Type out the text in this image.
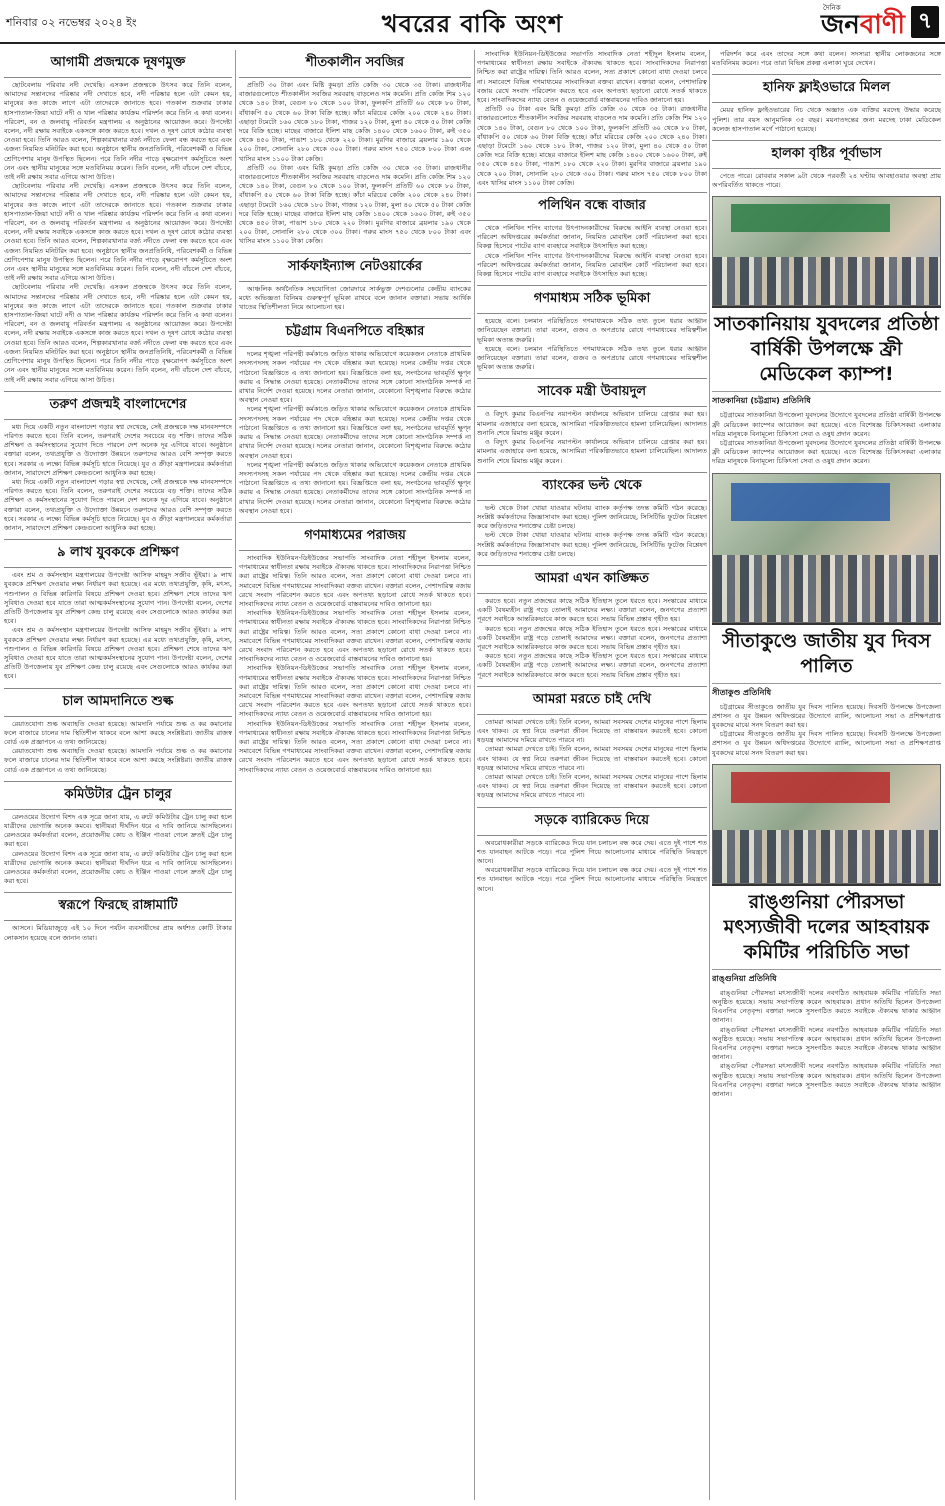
শনিবার ০২ নভেম্বর ২০২৪ ইং	খবরের বাকি অংশ
দৈনিক
জনবাণী ৭
আগামী প্রজন্মকে দূষণমুক্ত

ছোটবেলায় পরিবার নদী দেখেছি। এসকল প্রজন্মকে উৎসব করে তিনি বলেন, আমাদের সন্তানদের পরিষ্কার নদী দেখাতে হবে, নদী পরিষ্কার হলে এটা কেমন হয়, মানুষের কত কাজে লাগে এটা তাদেরকে জানাতে হবে। গতকাল শুক্রবার ঢাকার হাসপাতাল-জিয়া ঘাটে নদী ও খাল পরিষ্কার কার্যক্রম পরিদর্শন করে তিনি এ কথা বলেন। পরিবেশ, বন ও জলবায়ু পরিবর্তন মন্ত্রণালয় এ অনুষ্ঠানের আয়োজন করে। উপদেষ্টা বলেন, নদী রক্ষায় সবাইকে একসঙ্গে কাজ করতে হবে। দখল ও দূষণ রোধে কঠোর ব্যবস্থা নেওয়া হবে। তিনি আরও বলেন, শিল্পকারখানার বর্জ্য নদীতে ফেলা বন্ধ করতে হবে এবং এজন্য নিয়মিত মনিটরিং করা হবে। অনুষ্ঠানে স্থানীয় জনপ্রতিনিধি, পরিবেশকর্মী ও বিভিন্ন শ্রেণিপেশার মানুষ উপস্থিত ছিলেন। পরে তিনি নদীর পাড়ে বৃক্ষরোপণ কর্মসূচিতে অংশ নেন এবং স্থানীয় মানুষের সঙ্গে মতবিনিময় করেন। তিনি বলেন, নদী বাঁচলে দেশ বাঁচবে, তাই নদী রক্ষায় সবার এগিয়ে আসা উচিত।

ছোটবেলায় পরিবার নদী দেখেছি। এসকল প্রজন্মকে উৎসব করে তিনি বলেন, আমাদের সন্তানদের পরিষ্কার নদী দেখাতে হবে, নদী পরিষ্কার হলে এটা কেমন হয়, মানুষের কত কাজে লাগে এটা তাদেরকে জানাতে হবে। গতকাল শুক্রবার ঢাকার হাসপাতাল-জিয়া ঘাটে নদী ও খাল পরিষ্কার কার্যক্রম পরিদর্শন করে তিনি এ কথা বলেন। পরিবেশ, বন ও জলবায়ু পরিবর্তন মন্ত্রণালয় এ অনুষ্ঠানের আয়োজন করে। উপদেষ্টা বলেন, নদী রক্ষায় সবাইকে একসঙ্গে কাজ করতে হবে। দখল ও দূষণ রোধে কঠোর ব্যবস্থা নেওয়া হবে। তিনি আরও বলেন, শিল্পকারখানার বর্জ্য নদীতে ফেলা বন্ধ করতে হবে এবং এজন্য নিয়মিত মনিটরিং করা হবে। অনুষ্ঠানে স্থানীয় জনপ্রতিনিধি, পরিবেশকর্মী ও বিভিন্ন শ্রেণিপেশার মানুষ উপস্থিত ছিলেন। পরে তিনি নদীর পাড়ে বৃক্ষরোপণ কর্মসূচিতে অংশ নেন এবং স্থানীয় মানুষের সঙ্গে মতবিনিময় করেন। তিনি বলেন, নদী বাঁচলে দেশ বাঁচবে, তাই নদী রক্ষায় সবার এগিয়ে আসা উচিত।

ছোটবেলায় পরিবার নদী দেখেছি। এসকল প্রজন্মকে উৎসব করে তিনি বলেন, আমাদের সন্তানদের পরিষ্কার নদী দেখাতে হবে, নদী পরিষ্কার হলে এটা কেমন হয়, মানুষের কত কাজে লাগে এটা তাদেরকে জানাতে হবে। গতকাল শুক্রবার ঢাকার হাসপাতাল-জিয়া ঘাটে নদী ও খাল পরিষ্কার কার্যক্রম পরিদর্শন করে তিনি এ কথা বলেন। পরিবেশ, বন ও জলবায়ু পরিবর্তন মন্ত্রণালয় এ অনুষ্ঠানের আয়োজন করে। উপদেষ্টা বলেন, নদী রক্ষায় সবাইকে একসঙ্গে কাজ করতে হবে। দখল ও দূষণ রোধে কঠোর ব্যবস্থা নেওয়া হবে। তিনি আরও বলেন, শিল্পকারখানার বর্জ্য নদীতে ফেলা বন্ধ করতে হবে এবং এজন্য নিয়মিত মনিটরিং করা হবে। অনুষ্ঠানে স্থানীয় জনপ্রতিনিধি, পরিবেশকর্মী ও বিভিন্ন শ্রেণিপেশার মানুষ উপস্থিত ছিলেন। পরে তিনি নদীর পাড়ে বৃক্ষরোপণ কর্মসূচিতে অংশ নেন এবং স্থানীয় মানুষের সঙ্গে মতবিনিময় করেন। তিনি বলেন, নদী বাঁচলে দেশ বাঁচবে, তাই নদী রক্ষায় সবার এগিয়ে আসা উচিত।

তরুণ প্রজন্মই বাংলাদেশের

মধ্য দিয়ে একটি নতুন বাংলাদেশ গড়ার স্বপ্ন দেখেছে, সেই প্রজন্মকে দক্ষ মানবসম্পদে পরিণত করতে হবে। তিনি বলেন, তরুণরাই দেশের সবচেয়ে বড় শক্তি। তাদের সঠিক প্রশিক্ষণ ও কর্মসংস্থানের সুযোগ দিতে পারলে দেশ অনেক দূর এগিয়ে যাবে। অনুষ্ঠানে বক্তারা বলেন, তথ্যপ্রযুক্তি ও উদ্যোক্তা উন্নয়নে তরুণদের আরও বেশি সম্পৃক্ত করতে হবে। সরকার এ লক্ষ্যে বিভিন্ন কর্মসূচি হাতে নিয়েছে। যুব ও ক্রীড়া মন্ত্রণালয়ের কর্মকর্তারা জানান, সারাদেশে প্রশিক্ষণ কেন্দ্রগুলো আধুনিক করা হচ্ছে।

মধ্য দিয়ে একটি নতুন বাংলাদেশ গড়ার স্বপ্ন দেখেছে, সেই প্রজন্মকে দক্ষ মানবসম্পদে পরিণত করতে হবে। তিনি বলেন, তরুণরাই দেশের সবচেয়ে বড় শক্তি। তাদের সঠিক প্রশিক্ষণ ও কর্মসংস্থানের সুযোগ দিতে পারলে দেশ অনেক দূর এগিয়ে যাবে। অনুষ্ঠানে বক্তারা বলেন, তথ্যপ্রযুক্তি ও উদ্যোক্তা উন্নয়নে তরুণদের আরও বেশি সম্পৃক্ত করতে হবে। সরকার এ লক্ষ্যে বিভিন্ন কর্মসূচি হাতে নিয়েছে। যুব ও ক্রীড়া মন্ত্রণালয়ের কর্মকর্তারা জানান, সারাদেশে প্রশিক্ষণ কেন্দ্রগুলো আধুনিক করা হচ্ছে।

৯ লাখ যুবককে প্রশিক্ষণ

এবং শ্রম ও কর্মসংস্থান মন্ত্রণালয়ের উপদেষ্টা আসিফ মাহমুদ সজীব ভূঁইয়া। ৯ লাখ যুবককে প্রশিক্ষণ দেওয়ার লক্ষ্য নির্ধারণ করা হয়েছে। এর মধ্যে তথ্যপ্রযুক্তি, কৃষি, মৎস্য, পশুপালন ও বিভিন্ন কারিগরি বিষয়ে প্রশিক্ষণ দেওয়া হবে। প্রশিক্ষণ শেষে তাদের ঋণ সুবিধাও দেওয়া হবে যাতে তারা আত্মকর্মসংস্থানের সুযোগ পান। উপদেষ্টা বলেন, দেশের প্রতিটি উপজেলায় যুব প্রশিক্ষণ কেন্দ্র চালু রয়েছে এবং সেগুলোকে আরও কার্যকর করা হবে।

এবং শ্রম ও কর্মসংস্থান মন্ত্রণালয়ের উপদেষ্টা আসিফ মাহমুদ সজীব ভূঁইয়া। ৯ লাখ যুবককে প্রশিক্ষণ দেওয়ার লক্ষ্য নির্ধারণ করা হয়েছে। এর মধ্যে তথ্যপ্রযুক্তি, কৃষি, মৎস্য, পশুপালন ও বিভিন্ন কারিগরি বিষয়ে প্রশিক্ষণ দেওয়া হবে। প্রশিক্ষণ শেষে তাদের ঋণ সুবিধাও দেওয়া হবে যাতে তারা আত্মকর্মসংস্থানের সুযোগ পান। উপদেষ্টা বলেন, দেশের প্রতিটি উপজেলায় যুব প্রশিক্ষণ কেন্দ্র চালু রয়েছে এবং সেগুলোকে আরও কার্যকর করা হবে।

চাল আমদানিতে শুল্ক

রেয়াতযোগ্য শুল্ক অব্যাহতি দেওয়া হয়েছে। আমদানি পর্যায়ে শুল্ক ও কর কমানোর ফলে বাজারে চালের দাম স্থিতিশীল থাকবে বলে আশা করছে সংশ্লিষ্টরা। জাতীয় রাজস্ব বোর্ড এক প্রজ্ঞাপনে এ তথ্য জানিয়েছে।

রেয়াতযোগ্য শুল্ক অব্যাহতি দেওয়া হয়েছে। আমদানি পর্যায়ে শুল্ক ও কর কমানোর ফলে বাজারে চালের দাম স্থিতিশীল থাকবে বলে আশা করছে সংশ্লিষ্টরা। জাতীয় রাজস্ব বোর্ড এক প্রজ্ঞাপনে এ তথ্য জানিয়েছে।

কমিউটার ট্রেন চালুর

রেলওয়ের উদ্যোগ বিশদ এক সূত্রে জানা যায়, এ রুটে কমিউটার ট্রেন চালু করা হলে যাত্রীদের ভোগান্তি অনেক কমবে। স্থানীয়রা দীর্ঘদিন ধরে এ দাবি জানিয়ে আসছিলেন। রেলওয়ের কর্মকর্তারা বলেন, প্রয়োজনীয় কোচ ও ইঞ্জিন পাওয়া গেলে দ্রুতই ট্রেন চালু করা হবে।

রেলওয়ের উদ্যোগ বিশদ এক সূত্রে জানা যায়, এ রুটে কমিউটার ট্রেন চালু করা হলে যাত্রীদের ভোগান্তি অনেক কমবে। স্থানীয়রা দীর্ঘদিন ধরে এ দাবি জানিয়ে আসছিলেন। রেলওয়ের কর্মকর্তারা বলেন, প্রয়োজনীয় কোচ ও ইঞ্জিন পাওয়া গেলে দ্রুতই ট্রেন চালু করা হবে।

স্বরূপে ফিরছে রাঙ্গামাটি

আসনে। মিডিয়াজুড়ে এই ১০ দিনে পর্যটন ব্যবসায়ীদের প্রায় অর্ধশত কোটি টাকার লোকসান হয়েছে বলে জানান তারা।

শীতকালীন সবজির

প্রতিটি ৩০ টাকা এবং মিষ্টি কুমড়া প্রতি কেজি ৩০ থেকে ৩৫ টাকা। রাজধানীর বাজারগুলোতে শীতকালীন সবজির সরবরাহ বাড়লেও দাম কমেনি। প্রতি কেজি শিম ১২০ থেকে ১৪০ টাকা, বেগুন ৮০ থেকে ১০০ টাকা, ফুলকপি প্রতিটি ৬০ থেকে ৮০ টাকা, বাঁধাকপি ৫০ থেকে ৬০ টাকা বিক্রি হচ্ছে। কাঁচা মরিচের কেজি ২০০ থেকে ২৪০ টাকা। এছাড়া টমেটো ১৬০ থেকে ১৮০ টাকা, গাজর ১২০ টাকা, মুলা ৪০ থেকে ৫০ টাকা কেজি দরে বিক্রি হচ্ছে। মাছের বাজারে ইলিশ মাছ কেজি ১৪০০ থেকে ১৬০০ টাকা, রুই ৩৫০ থেকে ৪৫০ টাকা, পাঙাশ ১৮০ থেকে ২২০ টাকা। মুরগির বাজারে ব্রয়লার ১৯০ থেকে ২০০ টাকা, সোনালি ২৮০ থেকে ৩০০ টাকা। গরুর মাংস ৭৫০ থেকে ৮০০ টাকা এবং খাসির মাংস ১১০০ টাকা কেজি।

প্রতিটি ৩০ টাকা এবং মিষ্টি কুমড়া প্রতি কেজি ৩০ থেকে ৩৫ টাকা। রাজধানীর বাজারগুলোতে শীতকালীন সবজির সরবরাহ বাড়লেও দাম কমেনি। প্রতি কেজি শিম ১২০ থেকে ১৪০ টাকা, বেগুন ৮০ থেকে ১০০ টাকা, ফুলকপি প্রতিটি ৬০ থেকে ৮০ টাকা, বাঁধাকপি ৫০ থেকে ৬০ টাকা বিক্রি হচ্ছে। কাঁচা মরিচের কেজি ২০০ থেকে ২৪০ টাকা। এছাড়া টমেটো ১৬০ থেকে ১৮০ টাকা, গাজর ১২০ টাকা, মুলা ৪০ থেকে ৫০ টাকা কেজি দরে বিক্রি হচ্ছে। মাছের বাজারে ইলিশ মাছ কেজি ১৪০০ থেকে ১৬০০ টাকা, রুই ৩৫০ থেকে ৪৫০ টাকা, পাঙাশ ১৮০ থেকে ২২০ টাকা। মুরগির বাজারে ব্রয়লার ১৯০ থেকে ২০০ টাকা, সোনালি ২৮০ থেকে ৩০০ টাকা। গরুর মাংস ৭৫০ থেকে ৮০০ টাকা এবং খাসির মাংস ১১০০ টাকা কেজি।

সার্কফাইন্যান্স নেটওয়ার্কের

আঞ্চলিক অর্থনৈতিক সহযোগিতা জোরদারে সার্কভুক্ত দেশগুলোর কেন্দ্রীয় ব্যাংকের মধ্যে অভিজ্ঞতা বিনিময় গুরুত্বপূর্ণ ভূমিকা রাখবে বলে জানান বক্তারা। সভায় আর্থিক খাতের স্থিতিশীলতা নিয়ে আলোচনা হয়।

চট্টগ্রাম বিএনপিতে বহিষ্কার

দলের শৃঙ্খলা পরিপন্থী কর্মকাণ্ডে জড়িত থাকার অভিযোগে কয়েকজন নেতাকে প্রাথমিক সদস্যপদসহ সকল পর্যায়ের পদ থেকে বহিষ্কার করা হয়েছে। দলের কেন্দ্রীয় দপ্তর থেকে পাঠানো বিজ্ঞপ্তিতে এ তথ্য জানানো হয়। বিজ্ঞপ্তিতে বলা হয়, সংগঠনের ভাবমূর্তি ক্ষুণ্ন করায় এ সিদ্ধান্ত নেওয়া হয়েছে। নেতাকর্মীদের তাদের সঙ্গে কোনো সাংগঠনিক সম্পর্ক না রাখার নির্দেশ দেওয়া হয়েছে। দলের নেতারা জানান, যেকোনো বিশৃঙ্খলার বিরুদ্ধে কঠোর অবস্থান নেওয়া হবে।

দলের শৃঙ্খলা পরিপন্থী কর্মকাণ্ডে জড়িত থাকার অভিযোগে কয়েকজন নেতাকে প্রাথমিক সদস্যপদসহ সকল পর্যায়ের পদ থেকে বহিষ্কার করা হয়েছে। দলের কেন্দ্রীয় দপ্তর থেকে পাঠানো বিজ্ঞপ্তিতে এ তথ্য জানানো হয়। বিজ্ঞপ্তিতে বলা হয়, সংগঠনের ভাবমূর্তি ক্ষুণ্ন করায় এ সিদ্ধান্ত নেওয়া হয়েছে। নেতাকর্মীদের তাদের সঙ্গে কোনো সাংগঠনিক সম্পর্ক না রাখার নির্দেশ দেওয়া হয়েছে। দলের নেতারা জানান, যেকোনো বিশৃঙ্খলার বিরুদ্ধে কঠোর অবস্থান নেওয়া হবে।

দলের শৃঙ্খলা পরিপন্থী কর্মকাণ্ডে জড়িত থাকার অভিযোগে কয়েকজন নেতাকে প্রাথমিক সদস্যপদসহ সকল পর্যায়ের পদ থেকে বহিষ্কার করা হয়েছে। দলের কেন্দ্রীয় দপ্তর থেকে পাঠানো বিজ্ঞপ্তিতে এ তথ্য জানানো হয়। বিজ্ঞপ্তিতে বলা হয়, সংগঠনের ভাবমূর্তি ক্ষুণ্ন করায় এ সিদ্ধান্ত নেওয়া হয়েছে। নেতাকর্মীদের তাদের সঙ্গে কোনো সাংগঠনিক সম্পর্ক না রাখার নির্দেশ দেওয়া হয়েছে। দলের নেতারা জানান, যেকোনো বিশৃঙ্খলার বিরুদ্ধে কঠোর অবস্থান নেওয়া হবে।

গণমাধ্যমের পরাজয়

সাংবাদিক ইউনিয়ন-ডিইউজের সভাপতি সাংবাদিক নেতা শহীদুল ইসলাম বলেন, গণমাধ্যমের স্বাধীনতা রক্ষায় সবাইকে ঐক্যবদ্ধ থাকতে হবে। সাংবাদিকদের নিরাপত্তা নিশ্চিত করা রাষ্ট্রের দায়িত্ব। তিনি আরও বলেন, সত্য প্রকাশে কোনো বাধা দেওয়া চলবে না। সমাবেশে বিভিন্ন গণমাধ্যমের সাংবাদিকরা বক্তব্য রাখেন। বক্তারা বলেন, পেশাদারিত্ব বজায় রেখে সংবাদ পরিবেশন করতে হবে এবং অপতথ্য ছড়ানো রোধে সতর্ক থাকতে হবে। সাংবাদিকদের ন্যায্য বেতন ও ওয়েজবোর্ড বাস্তবায়নের দাবিও জানানো হয়।

সাংবাদিক ইউনিয়ন-ডিইউজের সভাপতি সাংবাদিক নেতা শহীদুল ইসলাম বলেন, গণমাধ্যমের স্বাধীনতা রক্ষায় সবাইকে ঐক্যবদ্ধ থাকতে হবে। সাংবাদিকদের নিরাপত্তা নিশ্চিত করা রাষ্ট্রের দায়িত্ব। তিনি আরও বলেন, সত্য প্রকাশে কোনো বাধা দেওয়া চলবে না। সমাবেশে বিভিন্ন গণমাধ্যমের সাংবাদিকরা বক্তব্য রাখেন। বক্তারা বলেন, পেশাদারিত্ব বজায় রেখে সংবাদ পরিবেশন করতে হবে এবং অপতথ্য ছড়ানো রোধে সতর্ক থাকতে হবে। সাংবাদিকদের ন্যায্য বেতন ও ওয়েজবোর্ড বাস্তবায়নের দাবিও জানানো হয়।

সাংবাদিক ইউনিয়ন-ডিইউজের সভাপতি সাংবাদিক নেতা শহীদুল ইসলাম বলেন, গণমাধ্যমের স্বাধীনতা রক্ষায় সবাইকে ঐক্যবদ্ধ থাকতে হবে। সাংবাদিকদের নিরাপত্তা নিশ্চিত করা রাষ্ট্রের দায়িত্ব। তিনি আরও বলেন, সত্য প্রকাশে কোনো বাধা দেওয়া চলবে না। সমাবেশে বিভিন্ন গণমাধ্যমের সাংবাদিকরা বক্তব্য রাখেন। বক্তারা বলেন, পেশাদারিত্ব বজায় রেখে সংবাদ পরিবেশন করতে হবে এবং অপতথ্য ছড়ানো রোধে সতর্ক থাকতে হবে। সাংবাদিকদের ন্যায্য বেতন ও ওয়েজবোর্ড বাস্তবায়নের দাবিও জানানো হয়।

সাংবাদিক ইউনিয়ন-ডিইউজের সভাপতি সাংবাদিক নেতা শহীদুল ইসলাম বলেন, গণমাধ্যমের স্বাধীনতা রক্ষায় সবাইকে ঐক্যবদ্ধ থাকতে হবে। সাংবাদিকদের নিরাপত্তা নিশ্চিত করা রাষ্ট্রের দায়িত্ব। তিনি আরও বলেন, সত্য প্রকাশে কোনো বাধা দেওয়া চলবে না। সমাবেশে বিভিন্ন গণমাধ্যমের সাংবাদিকরা বক্তব্য রাখেন। বক্তারা বলেন, পেশাদারিত্ব বজায় রেখে সংবাদ পরিবেশন করতে হবে এবং অপতথ্য ছড়ানো রোধে সতর্ক থাকতে হবে। সাংবাদিকদের ন্যায্য বেতন ও ওয়েজবোর্ড বাস্তবায়নের দাবিও জানানো হয়।

সাংবাদিক ইউনিয়ন-ডিইউজের সভাপতি সাংবাদিক নেতা শহীদুল ইসলাম বলেন, গণমাধ্যমের স্বাধীনতা রক্ষায় সবাইকে ঐক্যবদ্ধ থাকতে হবে। সাংবাদিকদের নিরাপত্তা নিশ্চিত করা রাষ্ট্রের দায়িত্ব। তিনি আরও বলেন, সত্য প্রকাশে কোনো বাধা দেওয়া চলবে না। সমাবেশে বিভিন্ন গণমাধ্যমের সাংবাদিকরা বক্তব্য রাখেন। বক্তারা বলেন, পেশাদারিত্ব বজায় রেখে সংবাদ পরিবেশন করতে হবে এবং অপতথ্য ছড়ানো রোধে সতর্ক থাকতে হবে। সাংবাদিকদের ন্যায্য বেতন ও ওয়েজবোর্ড বাস্তবায়নের দাবিও জানানো হয়।

প্রতিটি ৩০ টাকা এবং মিষ্টি কুমড়া প্রতি কেজি ৩০ থেকে ৩৫ টাকা। রাজধানীর বাজারগুলোতে শীতকালীন সবজির সরবরাহ বাড়লেও দাম কমেনি। প্রতি কেজি শিম ১২০ থেকে ১৪০ টাকা, বেগুন ৮০ থেকে ১০০ টাকা, ফুলকপি প্রতিটি ৬০ থেকে ৮০ টাকা, বাঁধাকপি ৫০ থেকে ৬০ টাকা বিক্রি হচ্ছে। কাঁচা মরিচের কেজি ২০০ থেকে ২৪০ টাকা। এছাড়া টমেটো ১৬০ থেকে ১৮০ টাকা, গাজর ১২০ টাকা, মুলা ৪০ থেকে ৫০ টাকা কেজি দরে বিক্রি হচ্ছে। মাছের বাজারে ইলিশ মাছ কেজি ১৪০০ থেকে ১৬০০ টাকা, রুই ৩৫০ থেকে ৪৫০ টাকা, পাঙাশ ১৮০ থেকে ২২০ টাকা। মুরগির বাজারে ব্রয়লার ১৯০ থেকে ২০০ টাকা, সোনালি ২৮০ থেকে ৩০০ টাকা। গরুর মাংস ৭৫০ থেকে ৮০০ টাকা এবং খাসির মাংস ১১০০ টাকা কেজি।

পলিথিন বন্ধে বাজার

থেকে পলিথিন শপিং ব্যাগের উৎপাদনকারীদের বিরুদ্ধে আইনি ব্যবস্থা নেওয়া হবে। পরিবেশ অধিদপ্তরের কর্মকর্তারা জানান, নিয়মিত মোবাইল কোর্ট পরিচালনা করা হবে। বিকল্প হিসেবে পাটের ব্যাগ ব্যবহারে সবাইকে উৎসাহিত করা হচ্ছে।

থেকে পলিথিন শপিং ব্যাগের উৎপাদনকারীদের বিরুদ্ধে আইনি ব্যবস্থা নেওয়া হবে। পরিবেশ অধিদপ্তরের কর্মকর্তারা জানান, নিয়মিত মোবাইল কোর্ট পরিচালনা করা হবে। বিকল্প হিসেবে পাটের ব্যাগ ব্যবহারে সবাইকে উৎসাহিত করা হচ্ছে।

গণমাধ্যম সঠিক ভূমিকা

হয়েছে বলে। চলমান পরিস্থিতিতে গণমাধ্যমকে সঠিক তথ্য তুলে ধরার আহ্বান জানিয়েছেন বক্তারা। তারা বলেন, গুজব ও অপপ্রচার রোধে গণমাধ্যমের দায়িত্বশীল ভূমিকা অত্যন্ত জরুরি।

হয়েছে বলে। চলমান পরিস্থিতিতে গণমাধ্যমকে সঠিক তথ্য তুলে ধরার আহ্বান জানিয়েছেন বক্তারা। তারা বলেন, গুজব ও অপপ্রচার রোধে গণমাধ্যমের দায়িত্বশীল ভূমিকা অত্যন্ত জরুরি।

সাবেক মন্ত্রী উবায়দুল

ও বিদ্যুৎ কুমার বিএনপির নয়াপল্টন কার্যালয়ে অভিযান চালিয়ে গ্রেপ্তার করা হয়। মামলার এজাহারে বলা হয়েছে, আসামিরা পরিকল্পিতভাবে হামলা চালিয়েছিল। আদালত শুনানি শেষে রিমান্ড মঞ্জুর করেন।

ও বিদ্যুৎ কুমার বিএনপির নয়াপল্টন কার্যালয়ে অভিযান চালিয়ে গ্রেপ্তার করা হয়। মামলার এজাহারে বলা হয়েছে, আসামিরা পরিকল্পিতভাবে হামলা চালিয়েছিল। আদালত শুনানি শেষে রিমান্ড মঞ্জুর করেন।

ব্যাংকের ভল্ট থেকে

ভল্ট থেকে টাকা খোয়া যাওয়ার ঘটনায় ব্যাংক কর্তৃপক্ষ তদন্ত কমিটি গঠন করেছে। সংশ্লিষ্ট কর্মকর্তাদের জিজ্ঞাসাবাদ করা হচ্ছে। পুলিশ জানিয়েছে, সিসিটিভি ফুটেজ বিশ্লেষণ করে জড়িতদের শনাক্তের চেষ্টা চলছে।

ভল্ট থেকে টাকা খোয়া যাওয়ার ঘটনায় ব্যাংক কর্তৃপক্ষ তদন্ত কমিটি গঠন করেছে। সংশ্লিষ্ট কর্মকর্তাদের জিজ্ঞাসাবাদ করা হচ্ছে। পুলিশ জানিয়েছে, সিসিটিভি ফুটেজ বিশ্লেষণ করে জড়িতদের শনাক্তের চেষ্টা চলছে।

আমরা এখন কাঙ্ক্ষিত

করতে হবে। নতুন প্রজন্মের কাছে সঠিক ইতিহাস তুলে ধরতে হবে। সংস্কারের মাধ্যমে একটি বৈষম্যহীন রাষ্ট্র গড়ে তোলাই আমাদের লক্ষ্য। বক্তারা বলেন, জনগণের প্রত্যাশা পূরণে সবাইকে আন্তরিকভাবে কাজ করতে হবে। সভায় বিভিন্ন প্রস্তাব গৃহীত হয়।

করতে হবে। নতুন প্রজন্মের কাছে সঠিক ইতিহাস তুলে ধরতে হবে। সংস্কারের মাধ্যমে একটি বৈষম্যহীন রাষ্ট্র গড়ে তোলাই আমাদের লক্ষ্য। বক্তারা বলেন, জনগণের প্রত্যাশা পূরণে সবাইকে আন্তরিকভাবে কাজ করতে হবে। সভায় বিভিন্ন প্রস্তাব গৃহীত হয়।

করতে হবে। নতুন প্রজন্মের কাছে সঠিক ইতিহাস তুলে ধরতে হবে। সংস্কারের মাধ্যমে একটি বৈষম্যহীন রাষ্ট্র গড়ে তোলাই আমাদের লক্ষ্য। বক্তারা বলেন, জনগণের প্রত্যাশা পূরণে সবাইকে আন্তরিকভাবে কাজ করতে হবে। সভায় বিভিন্ন প্রস্তাব গৃহীত হয়।

আমরা মরতে চাই দেখি

তোমরা আমরা দেখতে চাই। তিনি বলেন, আমরা সবসময় দেশের মানুষের পাশে ছিলাম এবং থাকব। যে স্বপ্ন নিয়ে তরুণরা জীবন দিয়েছে তা বাস্তবায়ন করতেই হবে। কোনো ষড়যন্ত্র আমাদের দমিয়ে রাখতে পারবে না।

তোমরা আমরা দেখতে চাই। তিনি বলেন, আমরা সবসময় দেশের মানুষের পাশে ছিলাম এবং থাকব। যে স্বপ্ন নিয়ে তরুণরা জীবন দিয়েছে তা বাস্তবায়ন করতেই হবে। কোনো ষড়যন্ত্র আমাদের দমিয়ে রাখতে পারবে না।

তোমরা আমরা দেখতে চাই। তিনি বলেন, আমরা সবসময় দেশের মানুষের পাশে ছিলাম এবং থাকব। যে স্বপ্ন নিয়ে তরুণরা জীবন দিয়েছে তা বাস্তবায়ন করতেই হবে। কোনো ষড়যন্ত্র আমাদের দমিয়ে রাখতে পারবে না।

সড়কে ব্যারিকেড দিয়ে

অবরোধকারীরা সড়কে ব্যারিকেড দিয়ে যান চলাচল বন্ধ করে দেয়। এতে দুই পাশে শত শত যানবাহন আটকে পড়ে। পরে পুলিশ গিয়ে আলোচনার মাধ্যমে পরিস্থিতি নিয়ন্ত্রণে আনে।

অবরোধকারীরা সড়কে ব্যারিকেড দিয়ে যান চলাচল বন্ধ করে দেয়। এতে দুই পাশে শত শত যানবাহন আটকে পড়ে। পরে পুলিশ গিয়ে আলোচনার মাধ্যমে পরিস্থিতি নিয়ন্ত্রণে আনে।

পরিদর্শন করে এবং তাদের সঙ্গে কথা বলেন। সদস্যরা স্থানীয় লোকজনের সঙ্গে মতবিনিময় করেন। পরে তারা বিভিন্ন প্রকল্প এলাকা ঘুরে দেখেন।

হানিফ ফ্লাইওভারে মিলল

মেয়র হানিফ ফ্লাইওভারের নিচ থেকে অজ্ঞাত এক ব্যক্তির মরদেহ উদ্ধার করেছে পুলিশ। তার বয়স আনুমানিক ৩৫ বছর। ময়নাতদন্তের জন্য মরদেহ ঢাকা মেডিকেল কলেজ হাসপাতাল মর্গে পাঠানো হয়েছে।

হালকা বৃষ্টির পূর্বাভাস

পেতে পারে। রোববার সকাল ৯টা থেকে পরবর্তী ২৪ ঘণ্টায় আবহাওয়ার অবস্থা প্রায় অপরিবর্তিত থাকতে পারে।

সাতকানিয়ায় যুবদলের প্রতিষ্ঠা বার্ষিকী উপলক্ষে ফ্রী মেডিকেল ক্যাম্প!
সাতকানিয়া (চট্টগ্রাম) প্রতিনিধি

চট্টগ্রামের সাতকানিয়া উপজেলা যুবদলের উদ্যোগে যুবদলের প্রতিষ্ঠা বার্ষিকী উপলক্ষে ফ্রী মেডিকেল ক্যাম্পের আয়োজন করা হয়েছে। এতে বিশেষজ্ঞ চিকিৎসকরা এলাকার দরিদ্র মানুষকে বিনামূল্যে চিকিৎসা সেবা ও ওষুধ প্রদান করেন।

চট্টগ্রামের সাতকানিয়া উপজেলা যুবদলের উদ্যোগে যুবদলের প্রতিষ্ঠা বার্ষিকী উপলক্ষে ফ্রী মেডিকেল ক্যাম্পের আয়োজন করা হয়েছে। এতে বিশেষজ্ঞ চিকিৎসকরা এলাকার দরিদ্র মানুষকে বিনামূল্যে চিকিৎসা সেবা ও ওষুধ প্রদান করেন।

সীতাকুণ্ডে জাতীয় যুব দিবস পালিত
সীতাকুণ্ড প্রতিনিধি

চট্টগ্রামের সীতাকুণ্ডে জাতীয় যুব দিবস পালিত হয়েছে। দিবসটি উপলক্ষে উপজেলা প্রশাসন ও যুব উন্নয়ন অধিদপ্তরের উদ্যোগে র‍্যালি, আলোচনা সভা ও প্রশিক্ষণপ্রাপ্ত যুবকদের মাঝে সনদ বিতরণ করা হয়।

চট্টগ্রামের সীতাকুণ্ডে জাতীয় যুব দিবস পালিত হয়েছে। দিবসটি উপলক্ষে উপজেলা প্রশাসন ও যুব উন্নয়ন অধিদপ্তরের উদ্যোগে র‍্যালি, আলোচনা সভা ও প্রশিক্ষণপ্রাপ্ত যুবকদের মাঝে সনদ বিতরণ করা হয়।

রাঙ্গুনিয়া পৌরসভা মৎস্যজীবী দলের আহবায়ক কমিটির পরিচিতি সভা
রাঙ্গুনিয়া প্রতিনিধি

রাঙ্গুনিয়া পৌরসভা মৎস্যজীবী দলের নবগঠিত আহবায়ক কমিটির পরিচিতি সভা অনুষ্ঠিত হয়েছে। সভায় সভাপতিত্ব করেন আহবায়ক। প্রধান অতিথি ছিলেন উপজেলা বিএনপির নেতৃবৃন্দ। বক্তারা দলকে সুসংগঠিত করতে সবাইকে ঐক্যবদ্ধ থাকার আহ্বান জানান।

রাঙ্গুনিয়া পৌরসভা মৎস্যজীবী দলের নবগঠিত আহবায়ক কমিটির পরিচিতি সভা অনুষ্ঠিত হয়েছে। সভায় সভাপতিত্ব করেন আহবায়ক। প্রধান অতিথি ছিলেন উপজেলা বিএনপির নেতৃবৃন্দ। বক্তারা দলকে সুসংগঠিত করতে সবাইকে ঐক্যবদ্ধ থাকার আহ্বান জানান।

রাঙ্গুনিয়া পৌরসভা মৎস্যজীবী দলের নবগঠিত আহবায়ক কমিটির পরিচিতি সভা অনুষ্ঠিত হয়েছে। সভায় সভাপতিত্ব করেন আহবায়ক। প্রধান অতিথি ছিলেন উপজেলা বিএনপির নেতৃবৃন্দ। বক্তারা দলকে সুসংগঠিত করতে সবাইকে ঐক্যবদ্ধ থাকার আহ্বান জানান।
